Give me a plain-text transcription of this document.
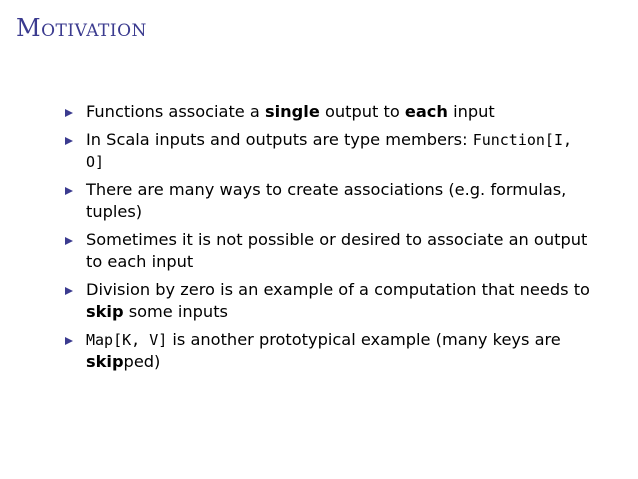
Motivation
Functions associate a single output to each input
In Scala inputs and outputs are type members: Function[I,
O]
There are many ways to create associations (e.g. formulas,
tuples)
Sometimes it is not possible or desired to associate an output
to each input
Division by zero is an example of a computation that needs to
skip some inputs
Map[K, V] is another prototypical example (many keys are
skipped)
